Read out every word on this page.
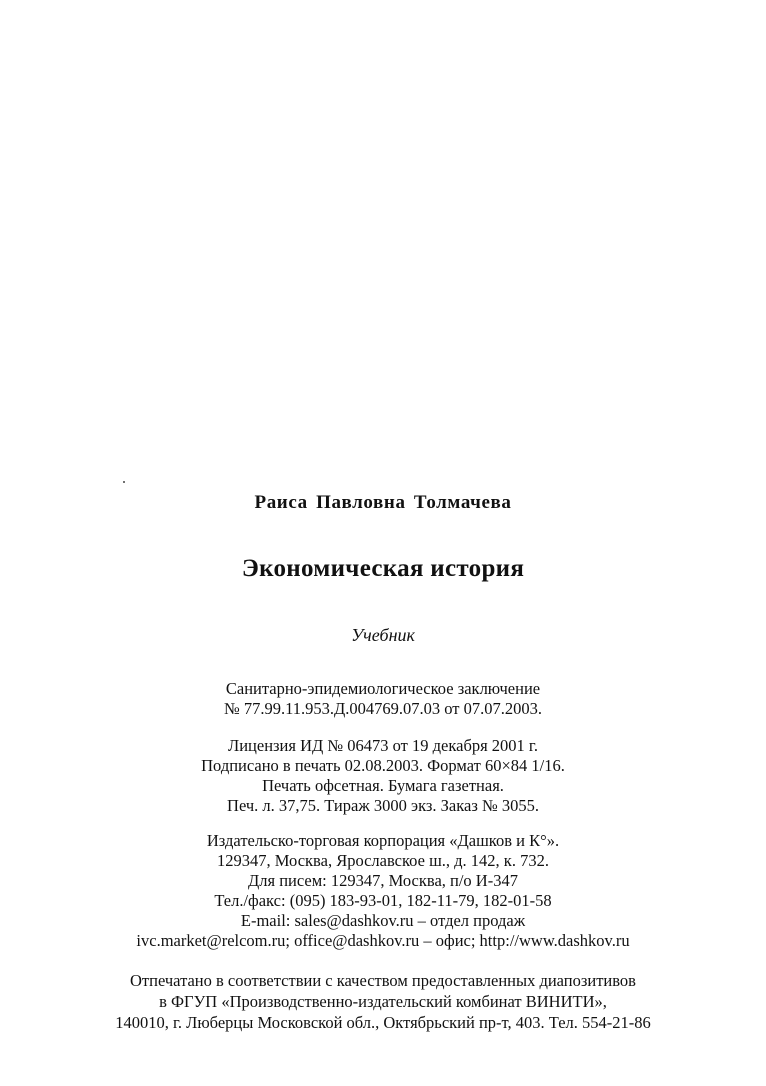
Раиса Павловна Толмачева
Экономическая история
Учебник
Санитарно-эпидемиологическое заключение
№ 77.99.11.953.Д.004769.07.03 от 07.07.2003.
Лицензия ИД № 06473 от 19 декабря 2001 г.
Подписано в печать 02.08.2003. Формат 60×84 1/16.
Печать офсетная. Бумага газетная.
Печ. л. 37,75. Тираж 3000 экз. Заказ № 3055.
Издательско-торговая корпорация «Дашков и К°».
129347, Москва, Ярославское ш., д. 142, к. 732.
Для писем: 129347, Москва, п/о И-347
Тел./факс: (095) 183-93-01, 182-11-79, 182-01-58
E-mail: sales@dashkov.ru – отдел продаж
ivc.market@relcom.ru; office@dashkov.ru – офис; http://www.dashkov.ru
Отпечатано в соответствии с качеством предоставленных диапозитивов
в ФГУП «Производственно-издательский комбинат ВИНИТИ»,
140010, г. Люберцы Московской обл., Октябрьский пр-т, 403. Тел. 554-21-86
